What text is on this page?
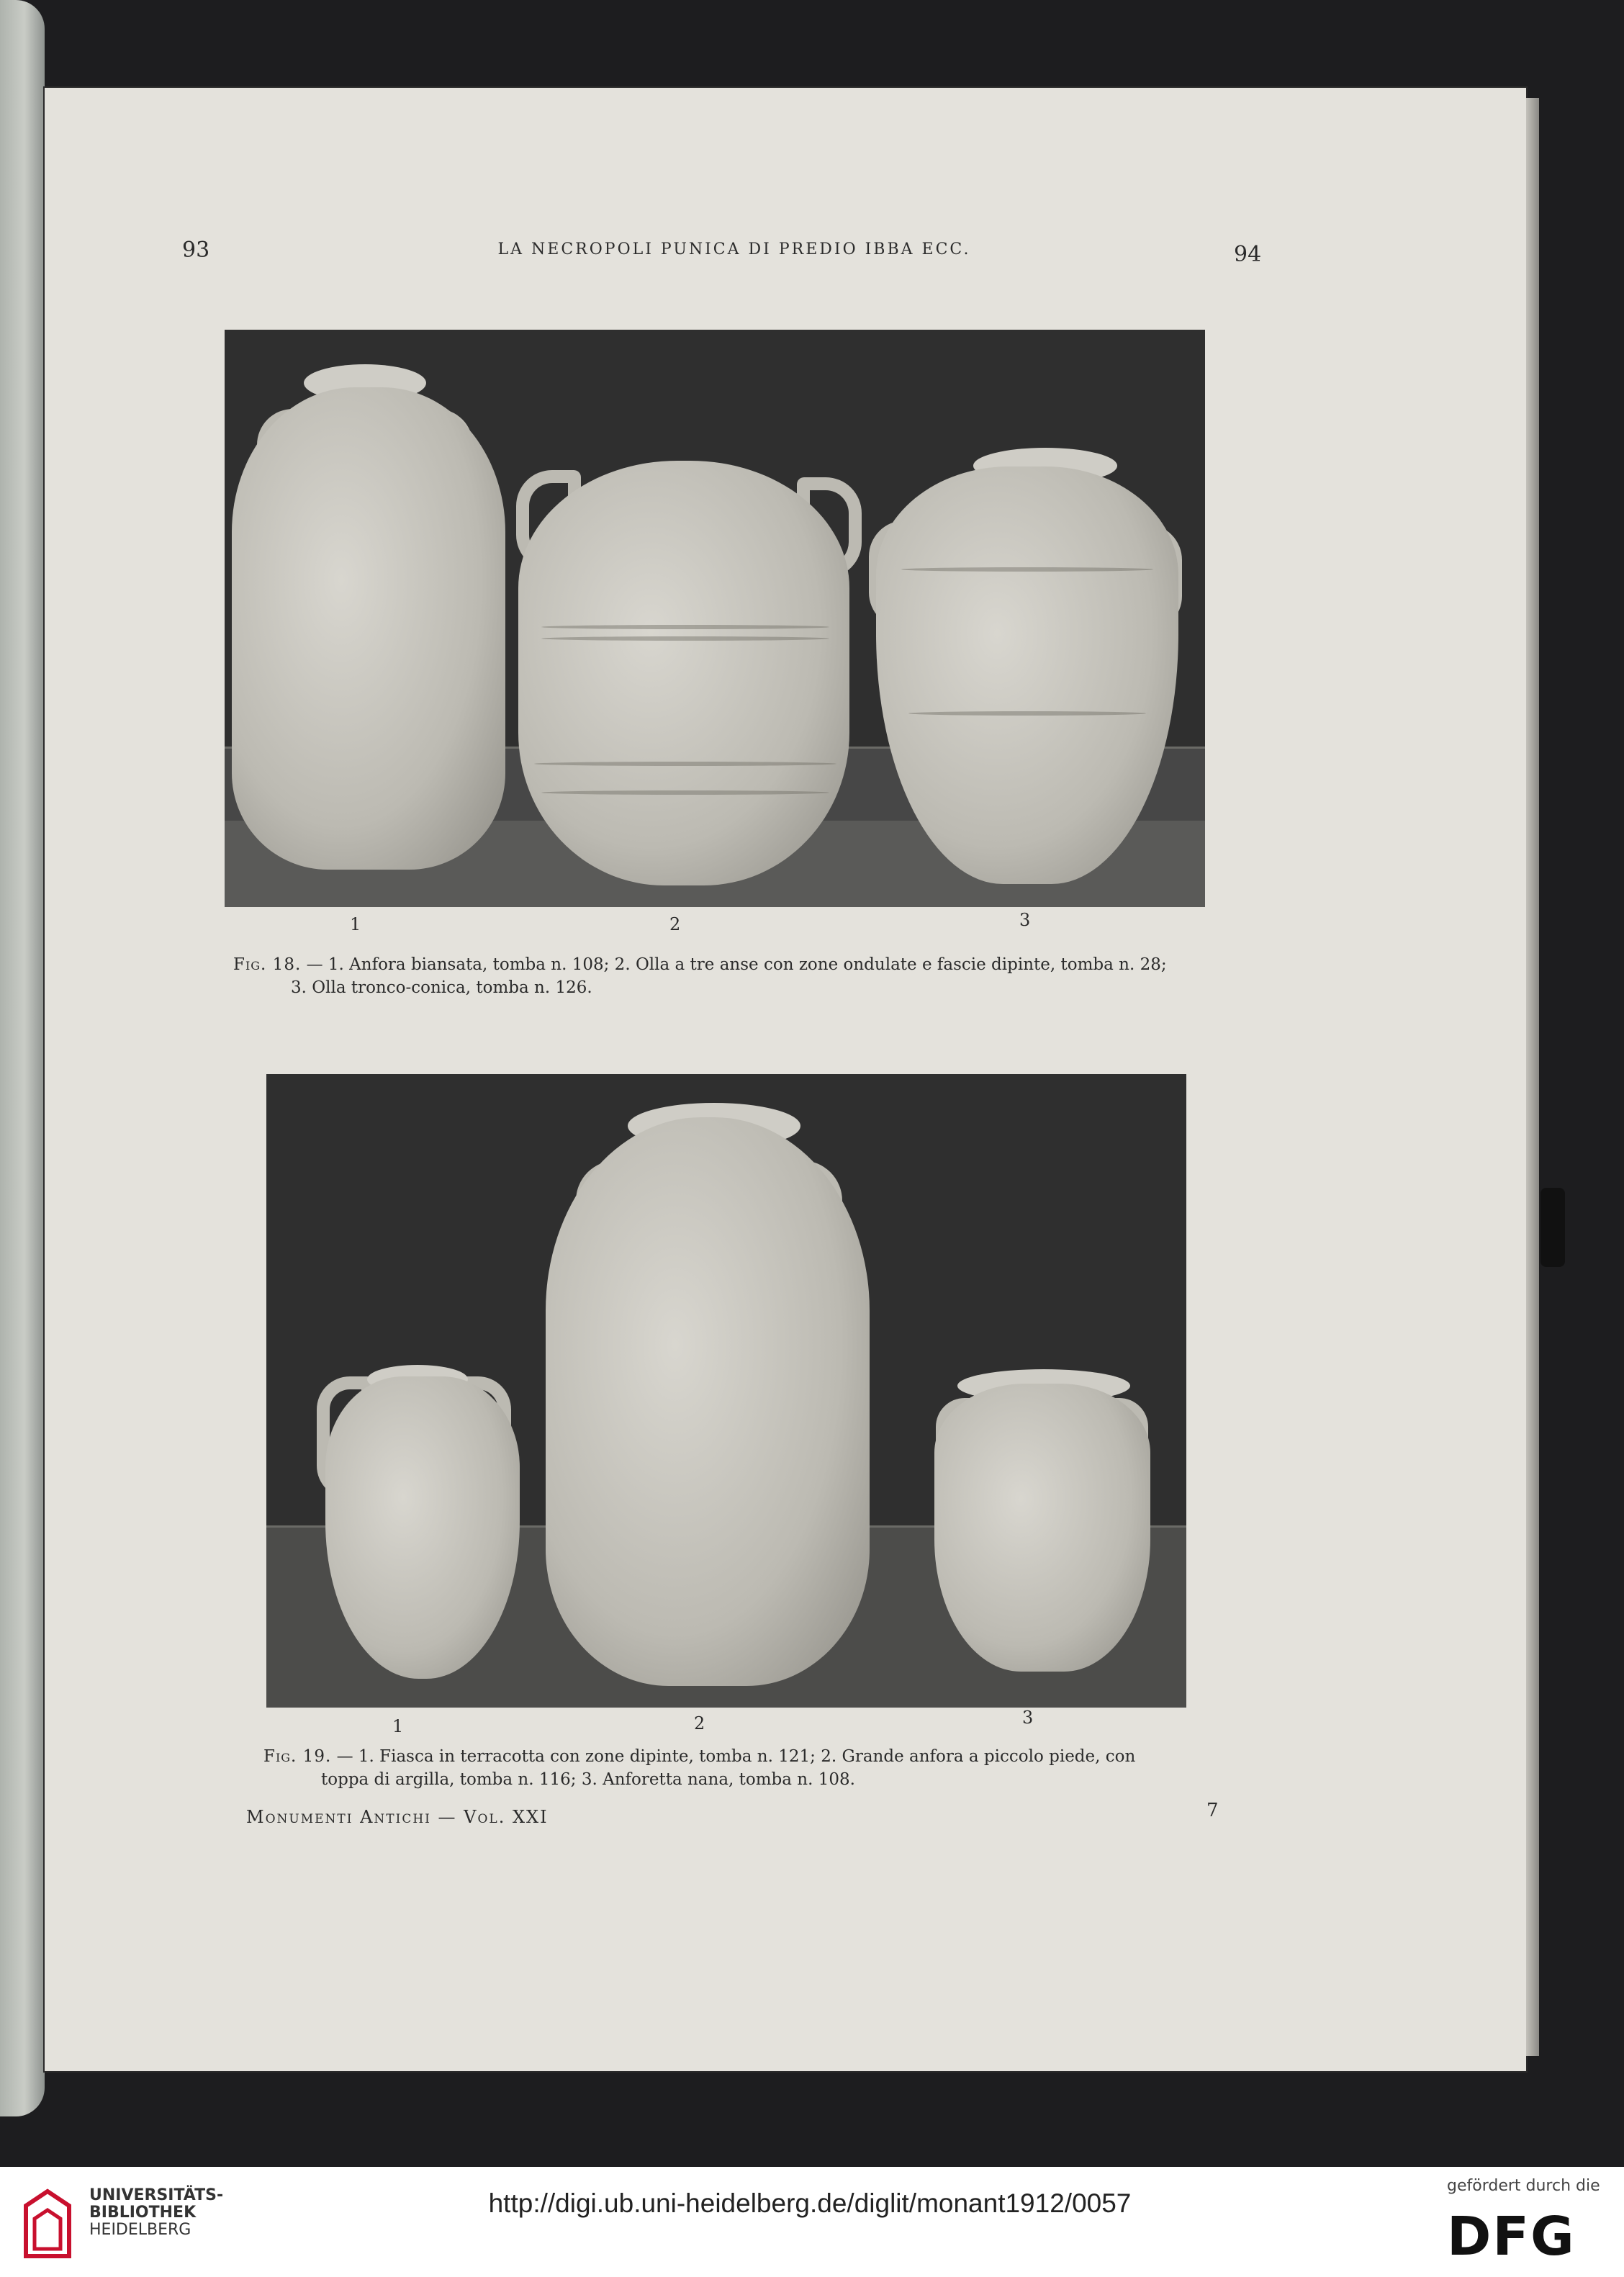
93	LA NECROPOLI PUNICA DI PREDIO IBBA ECC.	94
1	2	3
Fig. 18. — 1. Anfora biansata, tomba n. 108; 2. Olla a tre anse con zone ondulate e fascie dipinte, tomba n. 28;
3. Olla tronco-conica, tomba n. 126.
1	2	3
Fig. 19. — 1. Fiasca in terracotta con zone dipinte, tomba n. 121; 2. Grande anfora a piccolo piede, con
toppa di argilla, tomba n. 116; 3. Anforetta nana, tomba n. 108.
Monumenti Antichi — Vol. XXI	7
UNIVERSITÄTS-
BIBLIOTHEK
HEIDELBERG
http://digi.ub.uni-heidelberg.de/diglit/monant1912/0057
gefördert durch die
DFG
